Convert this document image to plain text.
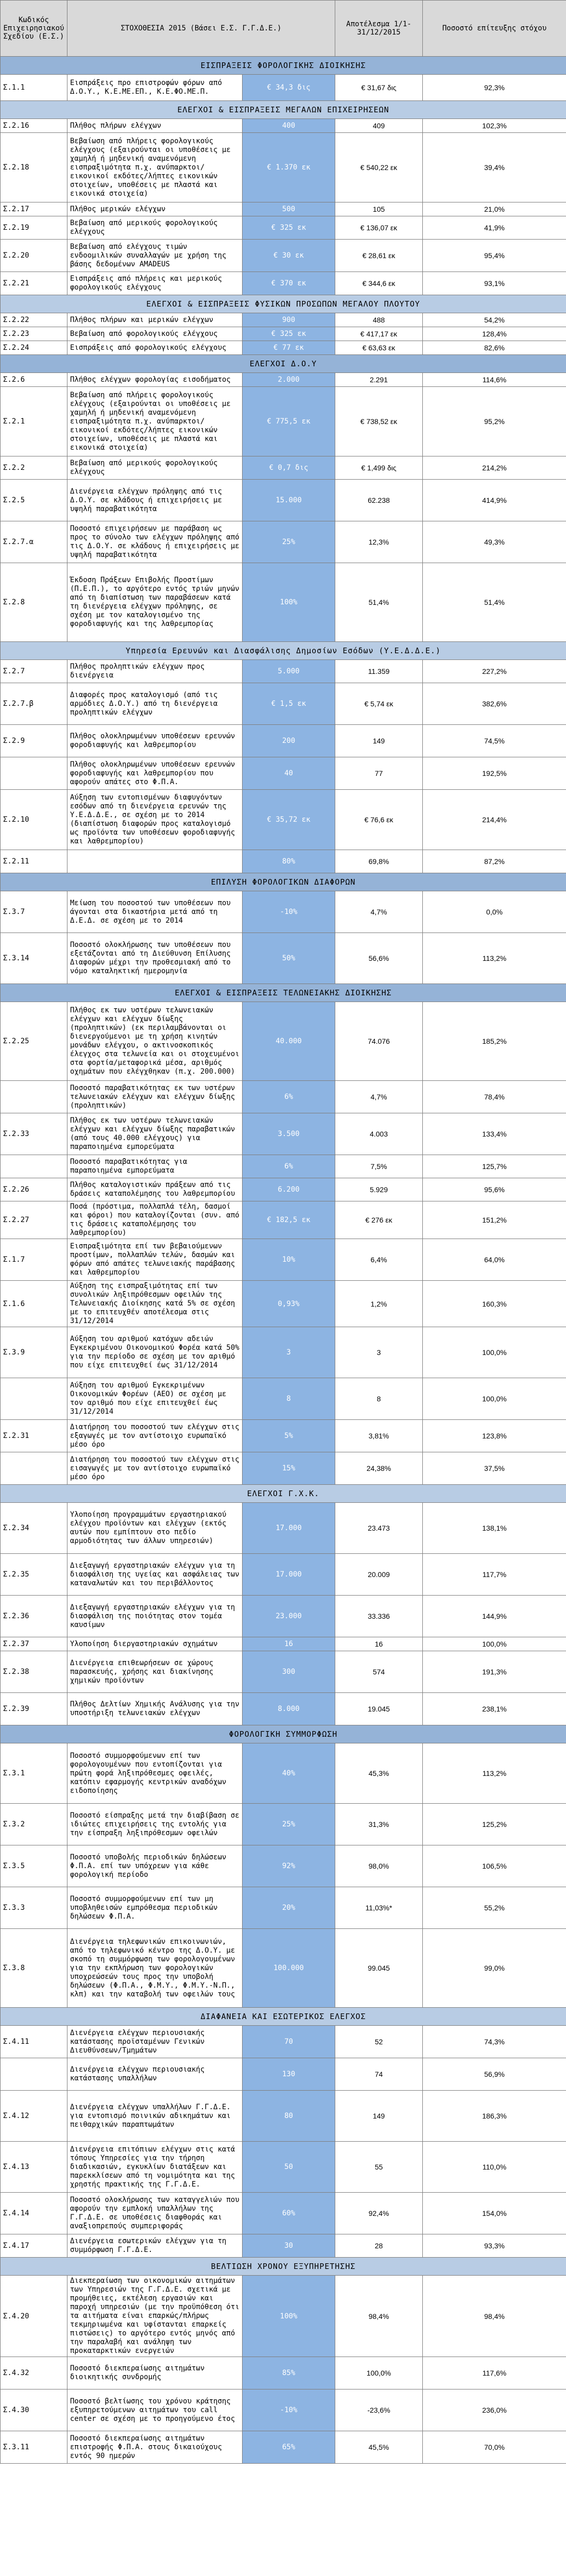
Κωδικός Επιχειρησιακού Σχεδίου (Ε.Σ.)	ΣΤΟΧΟΘΕΣΙΑ 2015 (Βάσει Ε.Σ. Γ.Γ.Δ.Ε.)		Αποτέλεσμα 1/1-31/12/2015	Ποσοστό επίτευξης στόχου
ΕΙΣΠΡΑΞΕΙΣ ΦΟΡΟΛΟΓΙΚΗΣ ΔΙΟΙΚΗΣΗΣ				
Σ.1.1	Εισπράξεις προ επιστροφών φόρων από Δ.Ο.Υ., Κ.Ε.ΜΕ.ΕΠ., Κ.Ε.ΦΟ.ΜΕ.Π.	€ 34,3 δις	€ 31,67 δις	92,3%
ΕΛΕΓΧΟΙ & ΕΙΣΠΡΑΞΕΙΣ ΜΕΓΑΛΩΝ ΕΠΙΧΕΙΡΗΣΕΩΝ				
Σ.2.16	Πλήθος πλήρων ελέγχων	400	409	102,3%
Σ.2.18	Βεβαίωση από πλήρεις φορολογικούς ελέγχους (εξαιρούνται οι υποθέσεις με χαμηλή ή μηδενική αναμενόμενη εισπραξιμότητα π.χ. ανύπαρκτοι/εικονικοί εκδότες/λήπτες εικονικών στοιχείων, υποθέσεις με πλαστά και εικονικά στοιχεία)	€ 1.370 εκ	€ 540,22 εκ	39,4%
Σ.2.17	Πλήθος μερικών ελέγχων	500	105	21,0%
Σ.2.19	Βεβαίωση από μερικούς φορολογικούς ελέγχους	€ 325 εκ	€ 136,07 εκ	41,9%
Σ.2.20	Βεβαίωση από ελέγχους τιμών ενδοομιλικών συναλλαγών με χρήση της βάσης δεδομένων AMADEUS	€ 30 εκ	€ 28,61 εκ	95,4%
Σ.2.21	Εισπράξεις από πλήρεις και μερικούς φορολογικούς ελέγχους	€ 370 εκ	€ 344,6 εκ	93,1%
ΕΛΕΓΧΟΙ & ΕΙΣΠΡΑΞΕΙΣ ΦΥΣΙΚΩΝ ΠΡΟΣΩΠΩΝ ΜΕΓΑΛΟΥ ΠΛΟΥΤΟΥ				
Σ.2.22	Πλήθος πλήρων και μερικών ελέγχων	900	488	54,2%
Σ.2.23	Βεβαίωση από φορολογικούς ελέγχους	€ 325 εκ	€ 417,17 εκ	128,4%
Σ.2.24	Εισπράξεις από φορολογικούς ελέγχους	€ 77 εκ	€ 63,63 εκ	82,6%
ΕΛΕΓΧΟΙ Δ.Ο.Υ				
Σ.2.6	Πλήθος ελέγχων φορολογίας εισοδήματος	2.000	2.291	114,6%
Σ.2.1	Βεβαίωση από πλήρεις φορολογικούς ελέγχους (εξαιρούνται οι υποθέσεις με χαμηλή ή μηδενική αναμενόμενη εισπραξιμότητα π.χ. ανύπαρκτοι/εικονικοί εκδότες/λήπτες εικονικών στοιχείων, υποθέσεις με πλαστά και εικονικά στοιχεία)	€ 775,5 εκ	€ 738,52 εκ	95,2%
Σ.2.2	Βεβαίωση από μερικούς φορολογικούς ελέγχους	€ 0,7 δις	€ 1,499 δις	214,2%
Σ.2.5	Διενέργεια ελέγχων πρόληψης από τις Δ.Ο.Υ. σε κλάδους ή επιχειρήσεις με υψηλή παραβατικότητα	15.000	62.238	414,9%
Σ.2.7.α	Ποσοστό επιχειρήσεων με παράβαση ως προς το σύνολο των ελέγχων πρόληψης από τις Δ.Ο.Υ. σε κλάδους ή επιχειρήσεις με υψηλή παραβατικότητα	25%	12,3%	49,3%
Σ.2.8	Έκδοση Πράξεων Επιβολής Προστίμων (Π.Ε.Π.), το αργότερο εντός τριών μηνών από τη διαπίστωση των παραβάσεων κατά τη διενέργεια ελέγχων πρόληψης, σε σχέση με τον καταλογισμένο της φοροδιαφυγής και της λαθρεμπορίας	100%	51,4%	51,4%
Υπηρεσία Ερευνών και Διασφάλισης Δημοσίων Εσόδων (Υ.Ε.Δ.Δ.Ε.)				
Σ.2.7	Πλήθος προληπτικών ελέγχων προς διενέργεια	5.000	11.359	227,2%
Σ.2.7.β	Διαφορές προς καταλογισμό (από τις αρμόδιες Δ.Ο.Υ.) από τη διενέργεια προληπτικών ελέγχων	€ 1,5 εκ	€ 5,74 εκ	382,6%
Σ.2.9	Πλήθος ολοκληρωμένων υποθέσεων ερευνών φοροδιαφυγής και λαθρεμπορίου	200	149	74,5%
	Πλήθος ολοκληρωμένων υποθέσεων ερευνών φοροδιαφυγής και λαθρεμπορίου που αφορούν απάτες στο Φ.Π.Α.	40	77	192,5%
Σ.2.10	Αύξηση των εντοπισμένων διαφυγόντων εσόδων από τη διενέργεια ερευνών της Υ.Ε.Δ.Δ.Ε., σε σχέση με το 2014 (διαπίστωση διαφορών προς καταλογισμό ως προϊόντα των υποθέσεων φοροδιαφυγής και λαθρεμπορίου)	€ 35,72 εκ	€ 76,6 εκ	214,4%
Σ.2.11		80%	69,8%	87,2%
ΕΠΙΛΥΣΗ ΦΟΡΟΛΟΓΙΚΩΝ ΔΙΑΦΟΡΩΝ				
Σ.3.7	Μείωση του ποσοστού των υποθέσεων που άγονται στα δικαστήρια μετά από τη Δ.Ε.Δ. σε σχέση με το 2014	-10%	4,7%	0,0%
Σ.3.14	Ποσοστό ολοκλήρωσης των υποθέσεων που εξετάζονται από τη Διεύθυνση Επίλυσης Διαφορών μέχρι την προθεσμιακή από το νόμο καταληκτική ημερομηνία	50%	56,6%	113,2%
ΕΛΕΓΧΟΙ & ΕΙΣΠΡΑΞΕΙΣ ΤΕΛΩΝΕΙΑΚΗΣ ΔΙΟΙΚΗΣΗΣ				
Σ.2.25	Πλήθος εκ των υστέρων τελωνειακών ελέγχων και ελέγχων δίωξης (προληπτικών) (εκ περιλαμβάνονται οι διενεργούμενοι με τη χρήση κινητών μονάδων ελέγχου, ο ακτινοσκοπικός έλεγχος στα τελωνεία και οι στοχευμένοι στα φορτία/μεταφορικά μέσα, αριθμός οχημάτων που ελέγχθηκαν (π.χ. 200.000)	40.000	74.076	185,2%
	Ποσοστό παραβατικότητας εκ των υστέρων τελωνειακών ελέγχων και ελέγχων δίωξης (προληπτικών)	6%	4,7%	78,4%
Σ.2.33	Πλήθος εκ των υστέρων τελωνειακών ελέγχων και ελέγχων δίωξης παραβατικών (από τους 40.000 ελέγχους) για παραποιημένα εμπορεύματα	3.500	4.003	133,4%
	Ποσοστό παραβατικότητας για παραποιημένα εμπορεύματα	6%	7,5%	125,7%
Σ.2.26	Πλήθος καταλογιστικών πράξεων από τις δράσεις καταπολέμησης του λαθρεμπορίου	6.200	5.929	95,6%
Σ.2.27	Ποσά (πρόστιμα, πολλαπλά τέλη, δασμοί και φόροι) που καταλογίζονται (συν. από τις δράσεις καταπολέμησης του λαθρεμπορίου)	€ 182,5 εκ	€ 276 εκ	151,2%
Σ.1.7	Εισπραξιμότητα επί των βεβαιούμενων προστίμων, πολλαπλών τελών, δασμών και φόρων από απάτες τελωνειακής παράβασης και λαθρεμπορίου	10%	6,4%	64,0%
Σ.1.6	Αύξηση της εισπραξιμότητας επί των συνολικών ληξιπρόθεσμων οφειλών της Τελωνειακής Διοίκησης κατά 5% σε σχέση με το επιτευχθέν αποτέλεσμα στις 31/12/2014	0,93%	1,2%	160,3%
Σ.3.9	Αύξηση του αριθμού κατόχων αδειών Εγκεκριμένου Οικονομικού Φορέα κατά 50% για την περίοδο σε σχέση με τον αριθμό που είχε επιτευχθεί έως 31/12/2014	3	3	100,0%
	Αύξηση του αριθμού Εγκεκριμένων Οικονομικών Φορέων (ΑΕΟ) σε σχέση με τον αριθμό που είχε επιτευχθεί έως 31/12/2014	8	8	100,0%
Σ.2.31	Διατήρηση του ποσοστού των ελέγχων στις εξαγωγές με τον αντίστοιχο ευρωπαϊκό μέσο όρο	5%	3,81%	123,8%
	Διατήρηση του ποσοστού των ελέγχων στις εισαγωγές με τον αντίστοιχο ευρωπαϊκό μέσο όρο	15%	24,38%	37,5%
ΕΛΕΓΧΟΙ Γ.Χ.Κ.				
Σ.2.34	Υλοποίηση προγραμμάτων εργαστηριακού ελέγχου προϊόντων και ελέγχων (εκτός αυτών που εμπίπτουν στο πεδίο αρμοδιότητας των άλλων υπηρεσιών)	17.000	23.473	138,1%
Σ.2.35	Διεξαγωγή εργαστηριακών ελέγχων για τη διασφάλιση της υγείας και ασφάλειας των καταναλωτών και του περιβάλλοντος	17.000	20.009	117,7%
Σ.2.36	Διεξαγωγή εργαστηριακών ελέγχων για τη διασφάλιση της ποιότητας στον τομέα καυσίμων	23.000	33.336	144,9%
Σ.2.37	Υλοποίηση διεργαστηριακών σχημάτων	16	16	100,0%
Σ.2.38	Διενέργεια επιθεωρήσεων σε χώρους παρασκευής, χρήσης και διακίνησης χημικών προϊόντων	300	574	191,3%
Σ.2.39	Πλήθος Δελτίων Χημικής Ανάλυσης για την υποστήριξη τελωνειακών ελέγχων	8.000	19.045	238,1%
ΦΟΡΟΛΟΓΙΚΗ ΣΥΜΜΟΡΦΩΣΗ				
Σ.3.1	Ποσοστό συμμορφούμενων επί των φορολογουμένων που εντοπίζονται για πρώτη φορά ληξιπρόθεσμες οφειλές, κατόπιν εφαρμογής κεντρικών αναδόχων ειδοποίησης	40%	45,3%	113,2%
Σ.3.2	Ποσοστό είσπραξης μετά την διαβίβαση σε ιδιώτες επιχειρήσεις της εντολής για την είσπραξη ληξιπρόθεσμων οφειλών	25%	31,3%	125,2%
Σ.3.5	Ποσοστό υποβολής περιοδικών δηλώσεων Φ.Π.Α. επί των υπόχρεων για κάθε φορολογική περίοδο	92%	98,0%	106,5%
Σ.3.3	Ποσοστό συμμορφούμενων επί των μη υποβληθεισών εμπρόθεσμα περιοδικών δηλώσεων Φ.Π.Α.	20%	11,03%*	55,2%
Σ.3.8	Διενέργεια τηλεφωνικών επικοινωνιών, από το τηλεφωνικό κέντρο της Δ.Ο.Υ. με σκοπό τη συμμόρφωση των φορολογουμένων για την εκπλήρωση των φορολογικών υποχρεώσεών τους προς την υποβολή δηλώσεων (Φ.Π.Α., Φ.Μ.Υ., Φ.Μ.Υ.-Ν.Π., κλπ) και την καταβολή των οφειλών τους	100.000	99.045	99,0%
ΔΙΑΦΑΝΕΙΑ ΚΑΙ ΕΣΩΤΕΡΙΚΟΣ ΕΛΕΓΧΟΣ				
Σ.4.11	Διενέργεια ελέγχων περιουσιακής κατάστασης προϊσταμένων Γενικών Διευθύνσεων/Τμημάτων	70	52	74,3%
	Διενέργεια ελέγχων περιουσιακής κατάστασης υπαλλήλων	130	74	56,9%
Σ.4.12	Διενέργεια ελέγχων υπαλλήλων Γ.Γ.Δ.Ε. για εντοπισμό ποινικών αδικημάτων και πειθαρχικών παραπτωμάτων	80	149	186,3%
Σ.4.13	Διενέργεια επιτόπιων ελέγχων στις κατά τόπους Υπηρεσίες για την τήρηση διαδικασιών, εγκυκλίων διατάξεων και παρεκκλίσεων από τη νομιμότητα και της χρηστής πρακτικής της Γ.Γ.Δ.Ε.	50	55	110,0%
Σ.4.14	Ποσοστό ολοκλήρωσης των καταγγελιών που αφορούν την εμπλοκή υπαλλήλων της Γ.Γ.Δ.Ε. σε υποθέσεις διαφθοράς και αναξιοπρεπούς συμπεριφοράς	60%	92,4%	154,0%
Σ.4.17	Διενέργεια εσωτερικών ελέγχων για τη συμμόρφωση Γ.Γ.Δ.Ε.	30	28	93,3%
ΒΕΛΤΙΩΣΗ ΧΡΟΝΟΥ ΕΞΥΠΗΡΕΤΗΣΗΣ				
Σ.4.20	Διεκπεραίωση των οικονομικών αιτημάτων των Υπηρεσιών της Γ.Γ.Δ.Ε. σχετικά με προμήθειες, εκτέλεση εργασιών και παροχή υπηρεσιών (με την προϋπόθεση ότι τα αιτήματα είναι επαρκώς/πλήρως τεκμηριωμένα και υφίστανται επαρκείς πιστώσεις) το αργότερο εντός μηνός από την παραλαβή και ανάληψη των προκαταρκτικών ενεργειών	100%	98,4%	98,4%
Σ.4.32	Ποσοστό διεκπεραίωσης αιτημάτων διοικητικής συνδρομής	85%	100,0%	117,6%
Σ.4.30	Ποσοστό βελτίωσης του χρόνου κράτησης εξυπηρετούμενων αιτημάτων του call center σε σχέση με το προηγούμενο έτος	-10%	-23,6%	236,0%
Σ.3.11	Ποσοστό διεκπεραίωσης αιτημάτων επιστροφής Φ.Π.Α. στους δικαιούχους εντός 90 ημερών	65%	45,5%	70,0%
